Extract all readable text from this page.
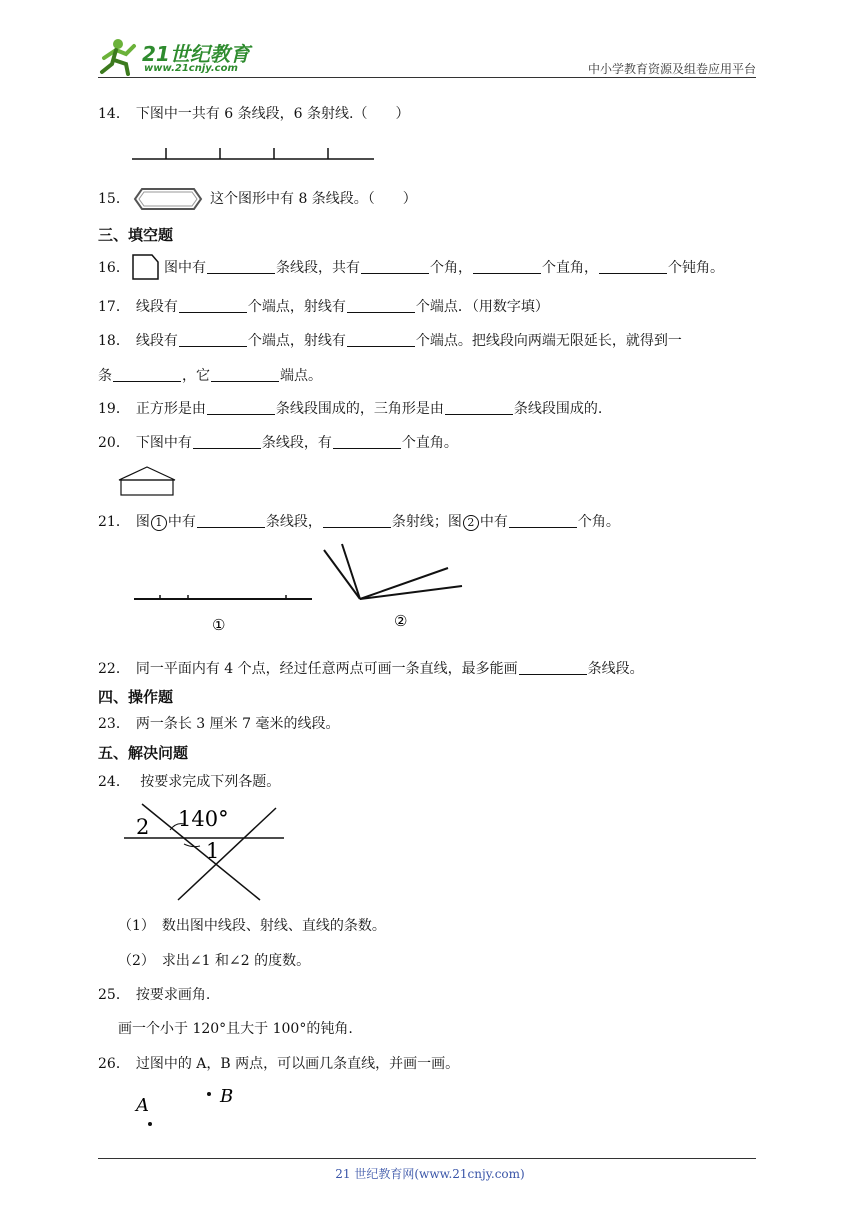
21世纪教育
www.21cnjy.com	中小学教育资源及组卷应用平台
14． 下图中一共有 6 条线段，6 条射线.（　　）
15．	这个图形中有 8 条线段。（　　）
三、填空题
16．	图中有	条线段，共有	个角，	个直角，	个钝角。
17． 线段有	个端点，射线有	个端点．（用数字填）
18． 线段有	个端点，射线有	个端点。把线段向两端无限延长，就得到一
条	，它	端点。
19． 正方形是由	条线段围成的，三角形是由	条线段围成的.
20． 下图中有	条线段，有	个直角。
21． 图 1 中有	条线段，	条射线；图 2 中有	个角。
①	②
22． 同一平面内有 4 个点，经过任意两点可画一条直线，最多能画	条线段。
四、操作题
23． 两一条长 3 厘米 7 毫米的线段。
五、解决问题
24． 按要求完成下列各题。
140°
2
1
（1）　数出图中线段、射线、直线的条数。
（2）　求出∠1 和∠2 的度数。
25． 按要求画角.
画一个小于 120°且大于 100°的钝角.
26． 过图中的 A，B 两点，可以画几条直线，并画一画。
A	B
21 世纪教育网(www.21cnjy.com)
